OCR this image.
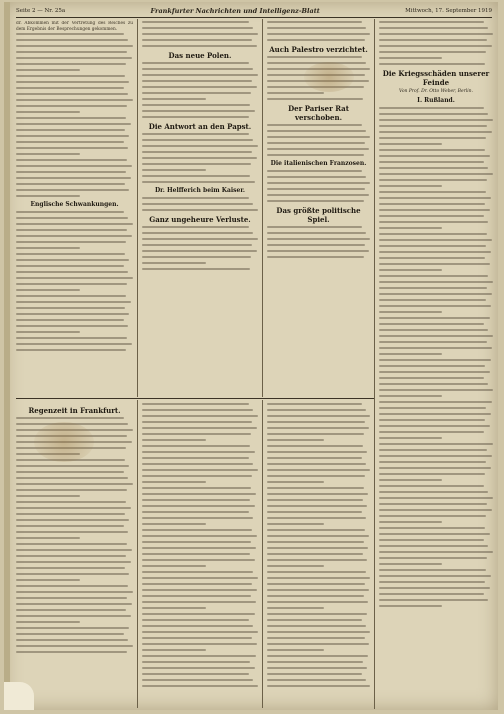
Seite 2 — Nr. 25a	Frankfurter Nachrichten und Intelligenz-Blatt	Mittwoch, 17. September 1919
dr. Abkommen mit der Vertretung des Reiches zu dem Ergebnis der Besprechungen gekommen.
Englische Schwankungen.
Das neue Polen.
Die Antwort an den Papst.
Dr. Helfferich beim Kaiser.
Ganz ungeheure Verluste.
Auch Palestro verzichtet.
Der Pariser Rat verschoben.
Die italienischen Franzosen.
Das größte politische Spiel.
Die Kriegsschäden unserer Feinde
Von Prof. Dr. Otto Weber, Berlin.
I. Rußland.
Regenzeit in Frankfurt.
